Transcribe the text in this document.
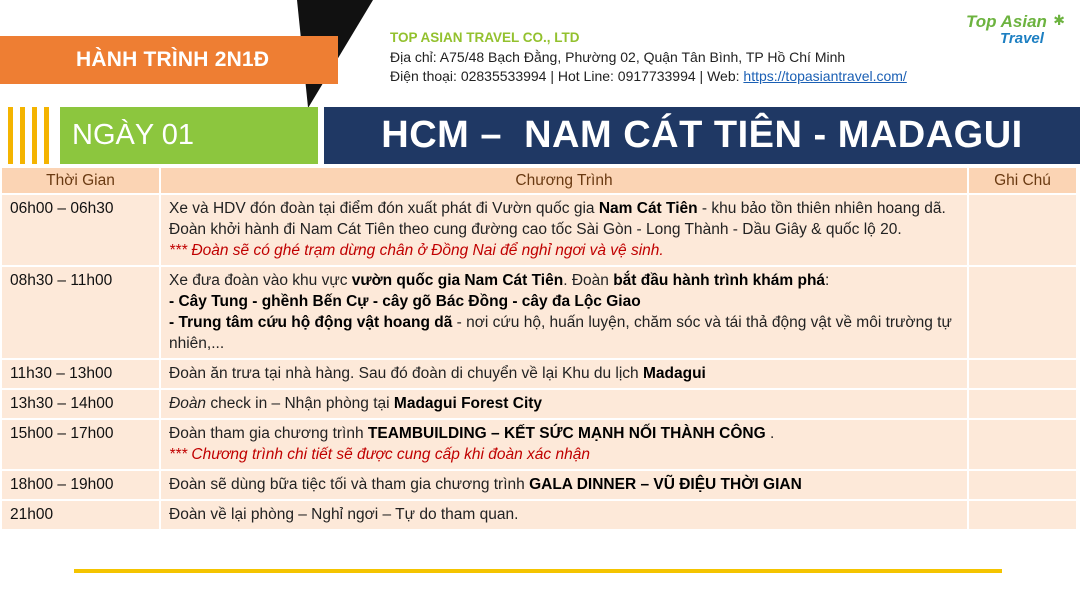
HÀNH TRÌNH 2N1Đ
TOP ASIAN TRAVEL CO., LTD
Địa chỉ: A75/48 Bạch Đằng, Phường 02, Quận Tân Bình, TP Hồ Chí Minh
Điện thoại: 02835533994 | Hot Line: 0917733994 | Web: https://topasiantravel.com/
Top Asian
Travel
✱
NGÀY 01	HCM –  NAM CÁT TIÊN - MADAGUI
Thời Gian	Chương Trình	Ghi Chú
06h00 – 06h30	Xe và HDV đón đoàn tại điểm đón xuất phát đi Vườn quốc gia Nam Cát Tiên - khu bảo tồn thiên nhiên hoang dã. Đoàn khởi hành đi Nam Cát Tiên theo cung đường cao tốc Sài Gòn - Long Thành - Dầu Giây & quốc lộ 20.
*** Đoàn sẽ có ghé trạm dừng chân ở Đồng Nai để nghỉ ngơi và vệ sinh.	

08h30 – 11h00	Xe đưa đoàn vào khu vực vườn quốc gia Nam Cát Tiên. Đoàn bắt đầu hành trình khám phá:
- Cây Tung - ghềnh Bến Cự - cây gõ Bác Đồng - cây đa Lộc Giao
- Trung tâm cứu hộ động vật hoang dã - nơi cứu hộ, huấn luyện, chăm sóc và tái thả động vật về môi trường tự nhiên,...	

11h30 – 13h00	Đoàn ăn trưa tại nhà hàng. Sau đó đoàn di chuyển về lại Khu du lịch Madagui	
13h30 – 14h00	Đoàn check in – Nhận phòng tại Madagui Forest City	
15h00 – 17h00	Đoàn tham gia chương trình TEAMBUILDING – KẾT SỨC MẠNH NỐI THÀNH CÔNG .
*** Chương trình chi tiết sẽ được cung cấp khi đoàn xác nhận	

18h00 – 19h00	Đoàn sẽ dùng bữa tiệc tối và tham gia chương trình GALA DINNER – VŨ ĐIỆU THỜI GIAN	
21h00	Đoàn về lại phòng – Nghỉ ngơi – Tự do tham quan.	
